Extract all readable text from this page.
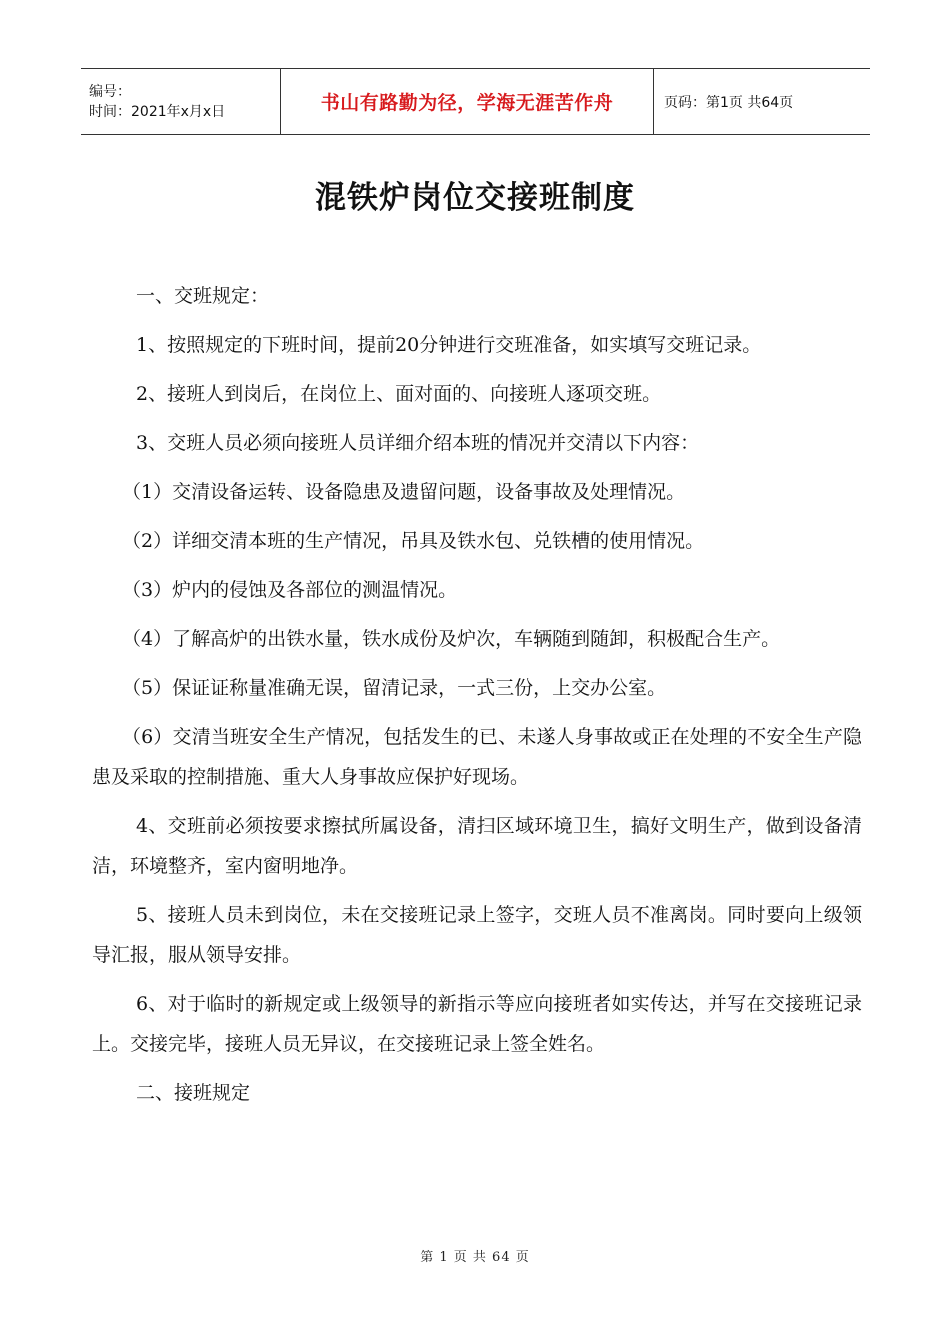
编号：
时间：2021年x月x日	书山有路勤为径，学海无涯苦作舟	页码：第1页 共64页
混铁炉岗位交接班制度

一、交班规定：

1、按照规定的下班时间，提前20分钟进行交班准备，如实填写交班记录。

2、接班人到岗后，在岗位上、面对面的、向接班人逐项交班。

3、交班人员必须向接班人员详细介绍本班的情况并交清以下内容：

（1）交清设备运转、设备隐患及遗留问题，设备事故及处理情况。

（2）详细交清本班的生产情况，吊具及铁水包、兑铁槽的使用情况。

（3）炉内的侵蚀及各部位的测温情况。

（4）了解高炉的出铁水量，铁水成份及炉次，车辆随到随卸，积极配合生产。

（5）保证证称量准确无误，留清记录，一式三份，上交办公室。

（6）交清当班安全生产情况，包括发生的已、未遂人身事故或正在处理的不安全生产隐患及采取的控制措施、重大人身事故应保护好现场。

4、交班前必须按要求擦拭所属设备，清扫区域环境卫生，搞好文明生产，做到设备清洁，环境整齐，室内窗明地净。

5、接班人员未到岗位，未在交接班记录上签字，交班人员不准离岗。同时要向上级领导汇报，服从领导安排。

6、对于临时的新规定或上级领导的新指示等应向接班者如实传达，并写在交接班记录上。交接完毕，接班人员无异议，在交接班记录上签全姓名。

二、接班规定

第 1 页 共 64 页
